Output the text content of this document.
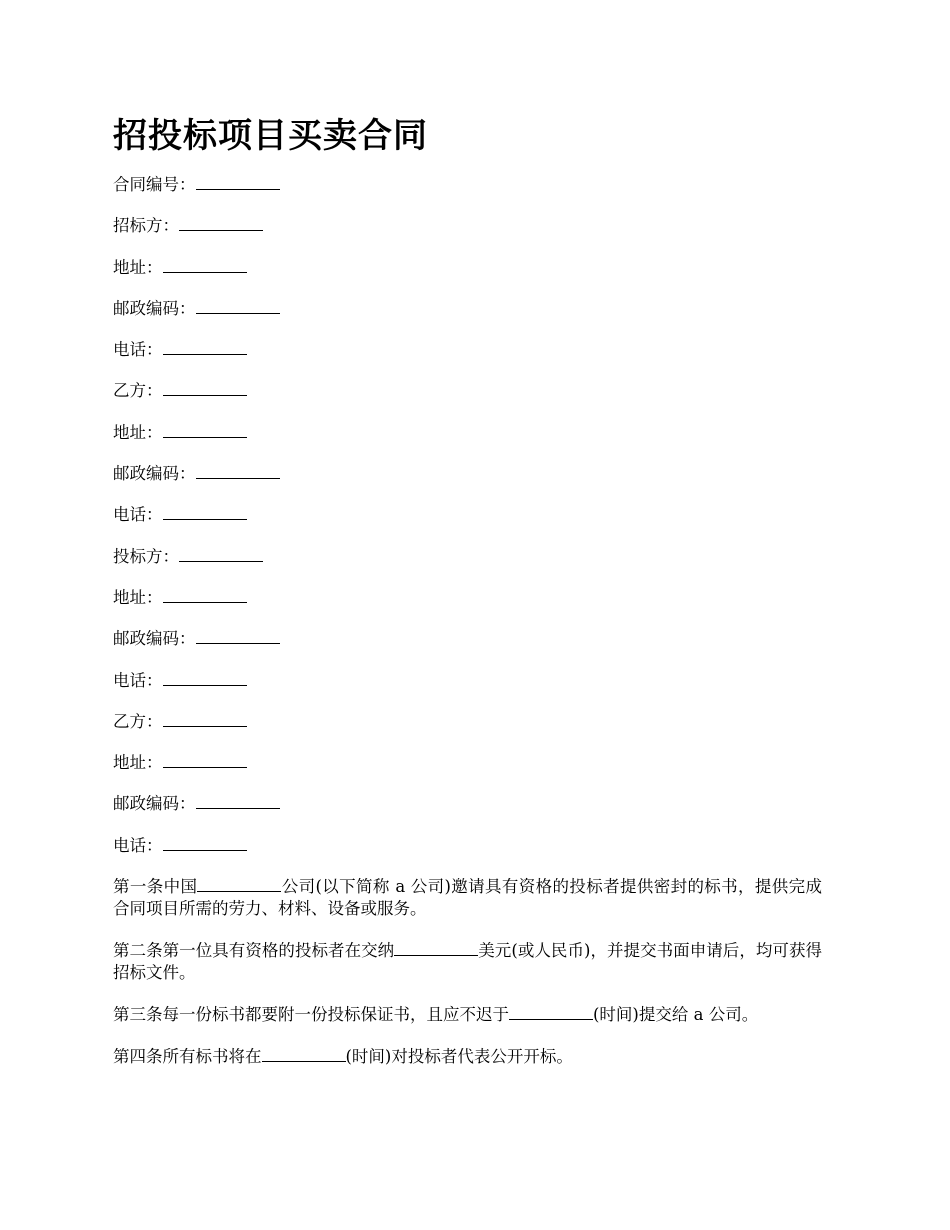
招投标项目买卖合同
合同编号：
招标方：
地址：
邮政编码：
电话：
乙方：
地址：
邮政编码：
电话：
投标方：
地址：
邮政编码：
电话：
乙方：
地址：
邮政编码：
电话：

第一条中国	公司(以下简称 a 公司)邀请具有资格的投标者提供密封的标书，提供完成合同项目所需的劳力、材料、设备或服务。

第二条第一位具有资格的投标者在交纳	美元(或人民币)，并提交书面申请后，均可获得招标文件。

第三条每一份标书都要附一份投标保证书，且应不迟于	(时间)提交给 a 公司。

第四条所有标书将在	(时间)对投标者代表公开开标。
